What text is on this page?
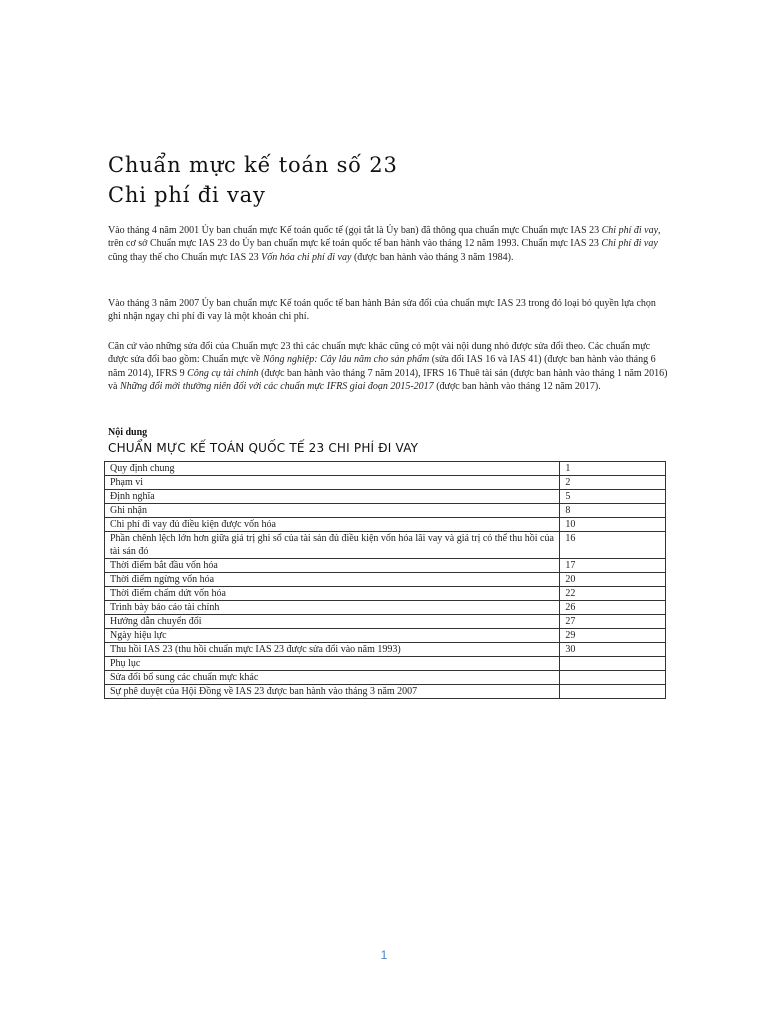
Chuẩn mực kế toán số 23
Chi phí đi vay
Vào tháng 4 năm 2001 Ủy ban chuẩn mực Kế toán quốc tế (gọi tắt là Ủy ban) đã thông qua chuẩn mực Chuẩn mực IAS 23 Chi phí đi vay, trên cơ sở Chuẩn mực IAS 23 do Ủy ban chuẩn mực kế toán quốc tế ban hành vào tháng 12 năm 1993. Chuẩn mực IAS 23 Chi phí đi vay cũng thay thế cho Chuẩn mực IAS 23 Vốn hóa chi phí đi vay (được ban hành vào tháng 3 năm 1984).
Vào tháng 3 năm 2007 Ủy ban chuẩn mực Kế toán quốc tế ban hành Bản sửa đổi của chuẩn mực IAS 23 trong đó loại bỏ quyền lựa chọn ghi nhận ngay chi phí đi vay là một khoản chi phí.
Căn cứ vào những sửa đổi của Chuẩn mực 23 thì các chuẩn mực khác cũng có một vài nội dung nhỏ được sửa đổi theo. Các chuẩn mực được sửa đổi bao gồm: Chuẩn mực về Nông nghiệp: Cây lâu năm cho sản phẩm (sửa đổi IAS 16 và IAS 41) (được ban hành vào tháng 6 năm 2014), IFRS 9 Công cụ tài chính (được ban hành vào tháng 7 năm 2014), IFRS 16 Thuê tài sản (được ban hành vào tháng 1 năm 2016) và Những đổi mới thường niên đối với các chuẩn mực IFRS giai đoạn 2015-2017 (được ban hành vào tháng 12 năm 2017).
Nội dung
CHUẨN MỰC KẾ TOÁN QUỐC TẾ 23 CHI PHÍ ĐI VAY
Quy định chung	1
Phạm vi	2
Định nghĩa	5
Ghi nhận	8
Chi phí đi vay đủ điều kiện được vốn hóa	10
Phần chênh lệch lớn hơn giữa giá trị ghi sổ của tài sản đủ điều kiện vốn hóa lãi vay và giá trị có thể thu hồi của tài sản đó	16
Thời điểm bắt đầu vốn hóa	17
Thời điểm ngừng vốn hóa	20
Thời điểm chấm dứt vốn hóa	22
Trình bày báo cáo tài chính	26
Hướng dẫn chuyển đổi	27
Ngày hiệu lực	29
Thu hồi IAS 23 (thu hồi chuẩn mực IAS 23 được sửa đổi vào năm 1993)	30
Phụ lục	
Sửa đổi bổ sung các chuẩn mực khác	
Sự phê duyệt của Hội Đồng về IAS 23 được ban hành vào tháng 3 năm 2007	
1
